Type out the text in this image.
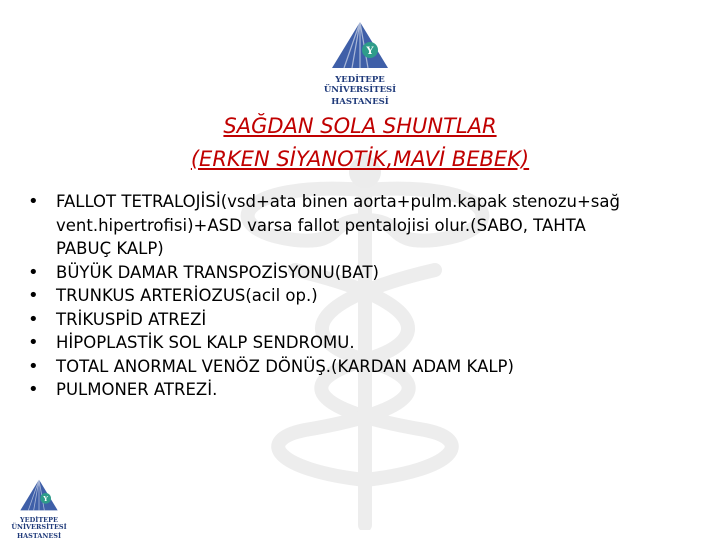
Y
YEDİTEPE ÜNİVERSİTESİ
HASTANESİ
SAĞDAN SOLA SHUNTLAR
(ERKEN SİYANOTİK,MAVİ BEBEK)
• FALLOT TETRALOJİSİ(vsd+ata binen aorta+pulm.kapak stenozu+sağ vent.hipertrofisi)+ASD varsa fallot pentalojisi olur.(SABO, TAHTA PABUÇ KALP)
• BÜYÜK DAMAR TRANSPOZİSYONU(BAT)
• TRUNKUS ARTERİOZUS(acil op.)
• TRİKUSPİD ATREZİ
• HİPOPLASTİK SOL KALP SENDROMU.
• TOTAL ANORMAL VENÖZ DÖNÜŞ.(KARDAN ADAM KALP)
• PULMONER ATREZİ.
Y
YEDİTEPE ÜNİVERSİTESİ
HASTANESİ
